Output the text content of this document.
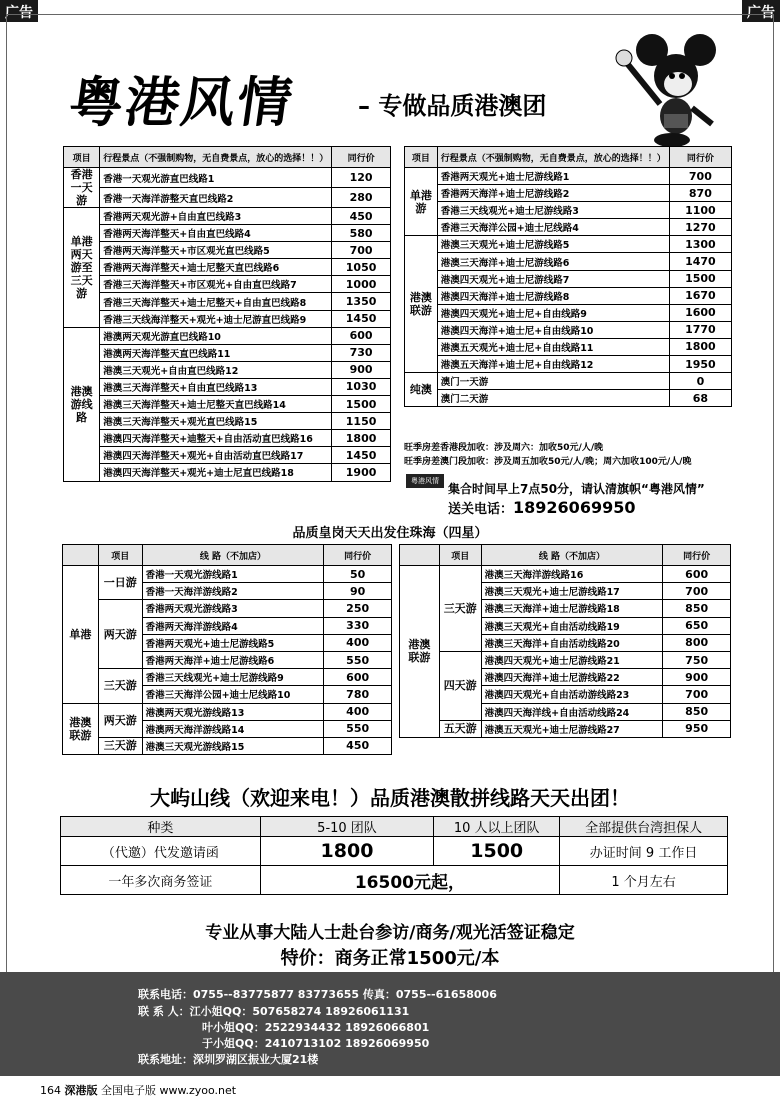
广告	广告
粤港风情 – 专做品质港澳团
项目	行程景点（不强制购物，无自费景点，放心的选择！！）	同行价
香港一天游	香港一天观光游直巴线路1	120
	香港一天海洋游整天直巴线路2	280
单港两天游至三天游	香港两天观光游+自由直巴线路3	450
	香港两天海洋整天+自由直巴线路4	580
	香港两天海洋整天+市区观光直巴线路5	700
	香港两天海洋整天+迪士尼整天直巴线路6	1050
	香港三天海洋整天+市区观光+自由直巴线路7	1000
	香港三天海洋整天+迪士尼整天+自由直巴线路8	1350
	香港三天线海洋整天+观光+迪士尼游直巴线路9	1450
港澳游线路	港澳两天观光游直巴线路10	600
	港澳两天海洋整天直巴线路11	730
	港澳三天观光+自由直巴线路12	900
	港澳三天海洋整天+自由直巴线路13	1030
	港澳三天海洋整天+迪士尼整天直巴线路14	1500
	港澳三天海洋整天+观光直巴线路15	1150
	港澳四天海洋整天+迪整天+自由活动直巴线路16	1800
	港澳四天海洋整天+观光+自由活动直巴线路17	1450
	港澳四天海洋整天+观光+迪士尼直巴线路18	1900
项目	行程景点（不强制购物，无自费景点，放心的选择！！）	同行价
单港游	香港两天观光+迪士尼游线路1	700
	香港两天海洋+迪士尼游线路2	870
	香港三天线观光+迪士尼游线路3	1100
	香港三天海洋公园+迪士尼线路4	1270
港澳联游	港澳三天观光+迪士尼游线路5	1300
	港澳三天海洋+迪士尼游线路6	1470
	港澳四天观光+迪士尼游线路7	1500
	港澳四天海洋+迪士尼游线路8	1670
	港澳四天观光+迪士尼+自由线路9	1600
	港澳四天海洋+迪士尼+自由线路10	1770
	港澳五天观光+迪士尼+自由线路11	1800
	港澳五天海洋+迪士尼+自由线路12	1950
纯澳	澳门一天游	0
	澳门二天游	68
旺季房差香港段加收：涉及周六：加收50元/人/晚
旺季房差澳门段加收：涉及周五加收50元/人/晚；周六加收100元/人/晚
粤港风情
集合时间早上7点50分，请认清旗帜“粤港风情”
送关电话：18926069950
品质皇岗天天出发住珠海（四星）
	项目	线 路（不加店）	同行价
单港	一日游	香港一天观光游线路1	50
		香港一天海洋游线路2	90
	两天游	香港两天观光游线路3	250
		香港两天海洋游线路4	330
		香港两天观光+迪士尼游线路5	400
		香港两天海洋+迪士尼游线路6	550
	三天游	香港三天线观光+迪士尼游线路9	600
		香港三天海洋公园+迪士尼线路10	780
港澳联游	两天游	港澳两天观光游线路13	400
		港澳两天海洋游线路14	550
	三天游	港澳三天观光游线路15	450
	项目	线 路（不加店）	同行价
港澳联游	三天游	港澳三天海洋游线路16	600
		港澳三天观光+迪士尼游线路17	700
		港澳三天海洋+迪士尼游线路18	850
		港澳三天观光+自由活动线路19	650
		港澳三天海洋+自由活动线路20	800
	四天游	港澳四天观光+迪士尼游线路21	750
		港澳四天海洋+迪士尼游线路22	900
		港澳四天观光+自由活动游线路23	700
		港澳四天海洋线+自由活动线路24	850
	五天游	港澳五天观光+迪士尼游线路27	950
大屿山线（欢迎来电！）品质港澳散拼线路天天出团！
种类	5-10 团队	10 人以上团队	全部提供台湾担保人
（代邀）代发邀请函	1800	1500	办证时间 9 工作日
一年多次商务签证	16500元起，		1 个月左右
专业从事大陆人士赴台参访/商务/观光活签证稳定
特价：商务正常1500元/本
联系电话：0755--83775877 83773655 传真：0755--61658006
联 系 人：江小姐QQ：507658274 18926061131
叶小姐QQ：2522934432 18926066801
于小姐QQ：2410713102 18926069950
联系地址：深圳罗湖区振业大厦21楼
164 深港版 全国电子版 www.zyoo.net
